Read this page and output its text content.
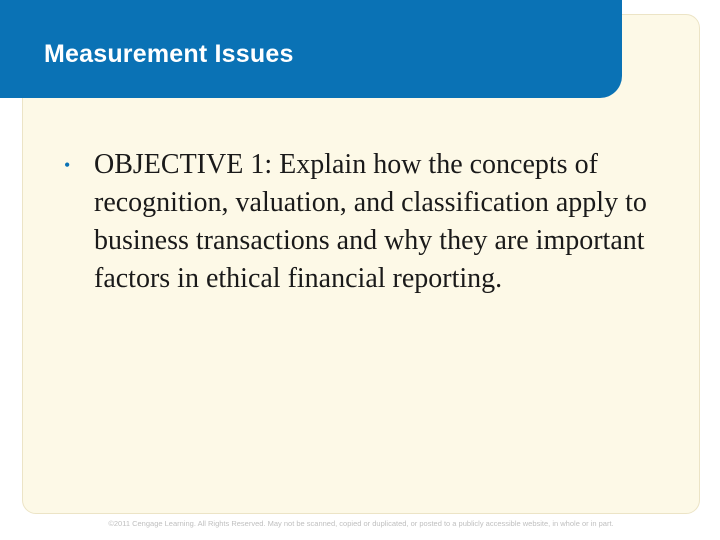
Measurement Issues
• OBJECTIVE 1: Explain how the concepts of recognition, valuation, and classification apply to business transactions and why they are important factors in ethical financial reporting.

©2011 Cengage Learning. All Rights Reserved. May not be scanned, copied or duplicated, or posted to a publicly accessible website, in whole or in part.
